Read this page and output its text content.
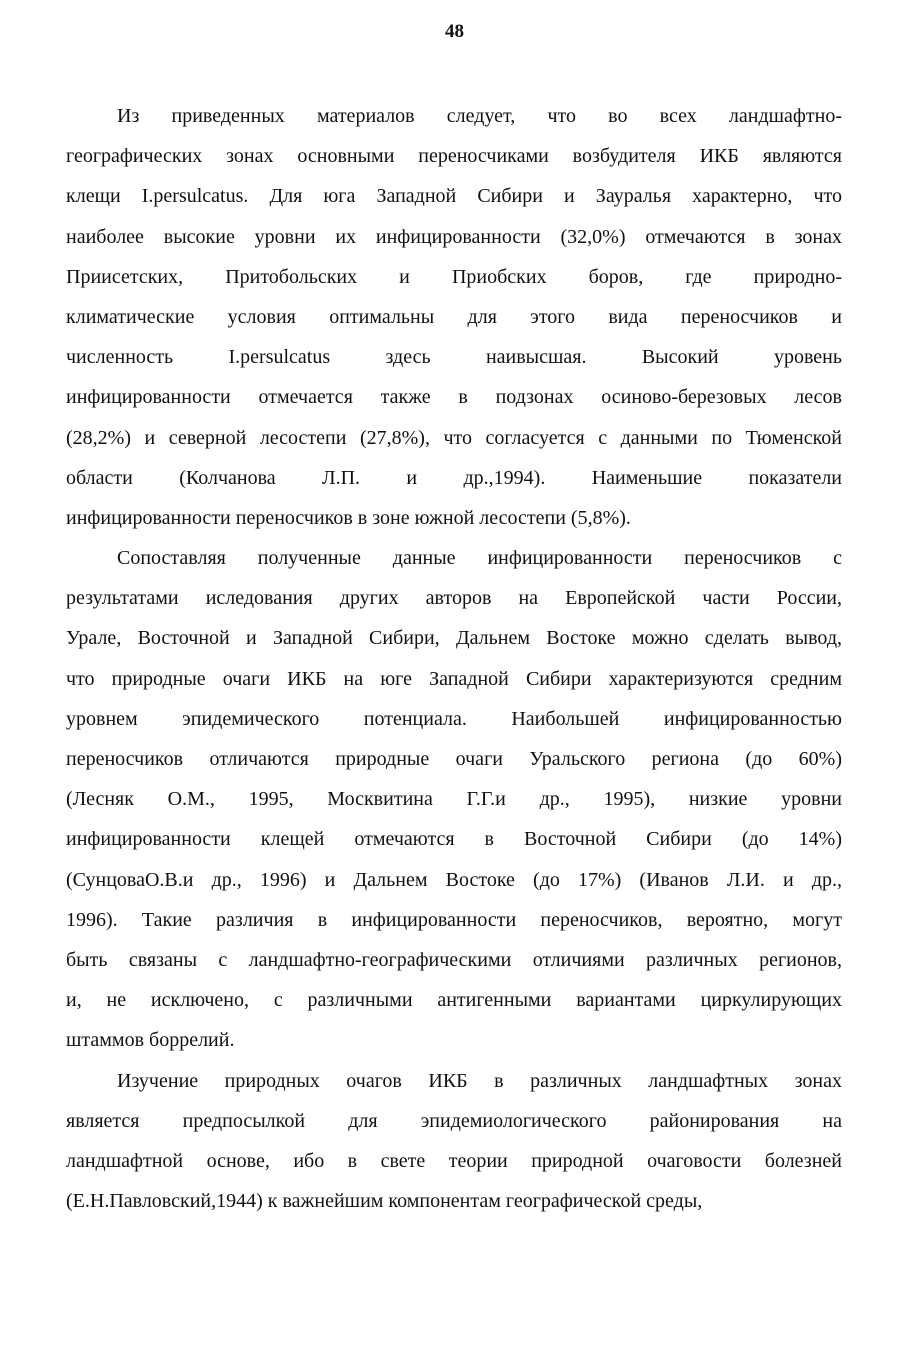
48

Из приведенных материалов следует, что во всех ландшафтно-
географических зонах основными переносчиками возбудителя ИКБ являются
клещи I.persulcatus. Для юга Западной Сибири и Зауралья характерно, что
наиболее высокие уровни их инфицированности (32,0%) отмечаются в зонах
Приисетских, Притобольских и Приобских боров, где природно-
климатические условия оптимальны для этого вида переносчиков и
численность I.persulcatus здесь наивысшая. Высокий уровень
инфицированности отмечается также в подзонах осиново-березовых лесов
(28,2%) и северной лесостепи (27,8%), что согласуется с данными по Тюменской
области (Колчанова Л.П. и др.,1994). Наименьшие показатели
инфицированности переносчиков в зоне южной лесостепи (5,8%).

Сопоставляя полученные данные инфицированности переносчиков с
результатами иследования других авторов на Европейской части России,
Урале, Восточной и Западной Сибири, Дальнем Востоке можно сделать вывод,
что природные очаги ИКБ на юге Западной Сибири характеризуются средним
уровнем эпидемического потенциала. Наибольшей инфицированностью
переносчиков отличаются природные очаги Уральского региона (до 60%)
(Лесняк О.М., 1995, Москвитина Г.Г.и др., 1995), низкие уровни
инфицированности клещей отмечаются в Восточной Сибири (до 14%)
(СунцоваО.В.и др., 1996) и Дальнем Востоке (до 17%) (Иванов Л.И. и др.,
1996). Такие различия в инфицированности переносчиков, вероятно, могут
быть связаны с ландшафтно-географическими отличиями различных регионов,
и, не исключено, с различными антигенными вариантами циркулирующих
штаммов боррелий.

Изучение природных очагов ИКБ в различных ландшафтных зонах
является предпосылкой для эпидемиологического районирования на
ландшафтной основе, ибо в свете теории природной очаговости болезней
(Е.Н.Павловский,1944) к важнейшим компонентам географической среды,
